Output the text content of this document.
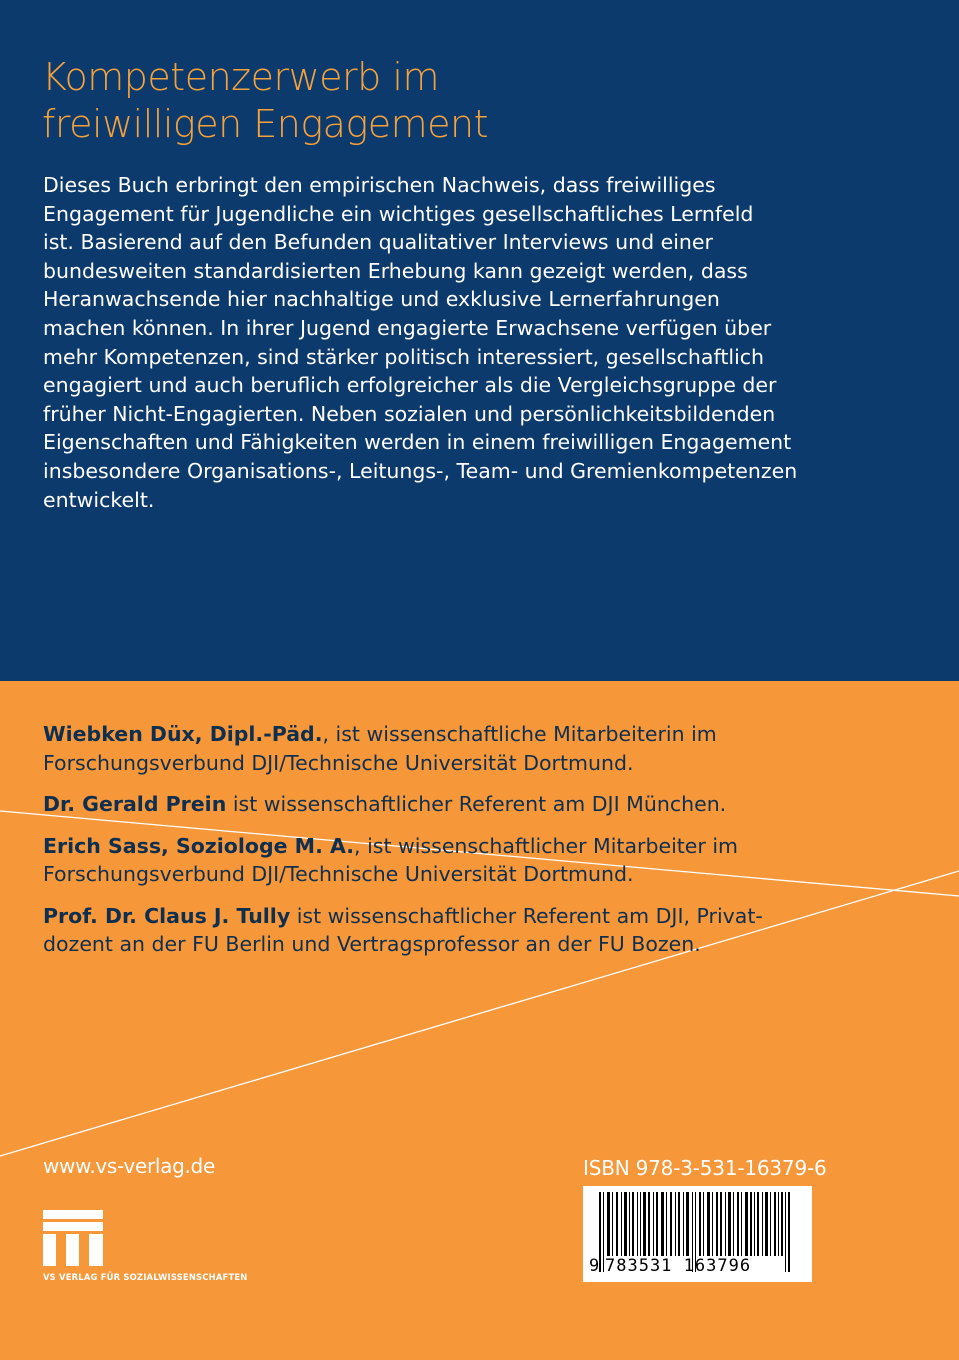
Kompetenzerwerb im
freiwilligen Engagement
Dieses Buch erbringt den empirischen Nachweis, dass freiwilliges
Engagement für Jugendliche ein wichtiges gesellschaftliches Lernfeld
ist. Basierend auf den Befunden qualitativer Interviews und einer
bundesweiten standardisierten Erhebung kann gezeigt werden, dass
Heranwachsende hier nachhaltige und exklusive Lernerfahrungen
machen können. In ihrer Jugend engagierte Erwachsene verfügen über
mehr Kompetenzen, sind stärker politisch interessiert, gesellschaftlich
engagiert und auch beruflich erfolgreicher als die Vergleichsgruppe der
früher Nicht-Engagierten. Neben sozialen und persönlichkeitsbildenden
Eigenschaften und Fähigkeiten werden in einem freiwilligen Engagement
insbesondere Organisations-, Leitungs-, Team- und Gremienkompetenzen
entwickelt.
Wiebken Düx, Dipl.-Päd., ist wissenschaftliche Mitarbeiterin im
Forschungsverbund DJI/Technische Universität Dortmund.
Dr. Gerald Prein ist wissenschaftlicher Referent am DJI München.
Erich Sass, Soziologe M. A., ist wissenschaftlicher Mitarbeiter im
Forschungsverbund DJI/Technische Universität Dortmund.
Prof. Dr. Claus J. Tully ist wissenschaftlicher Referent am DJI, Privat-
dozent an der FU Berlin und Vertragsprofessor an der FU Bozen.
www.vs-verlag.de
VS VERLAG FÜR SOZIALWISSENSCHAFTEN
ISBN 978-3-531-16379-6
9 783531 163796
